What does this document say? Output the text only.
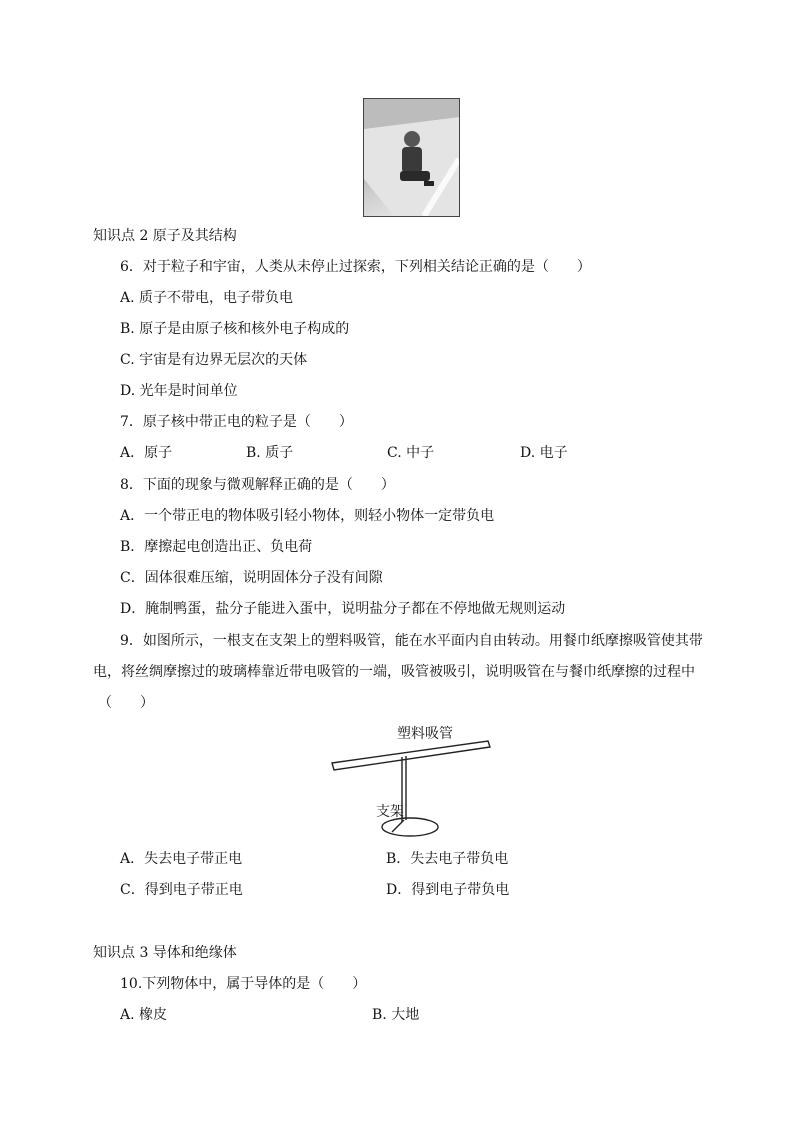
知识点 2 原子及其结构
6．对于粒子和宇宙，人类从未停止过探索，下列相关结论正确的是（　　）
A. 质子不带电，电子带负电
B. 原子是由原子核和核外电子构成的
C. 宇宙是有边界无层次的天体
D. 光年是时间单位
7．原子核中带正电的粒子是（　　）
A．原子	B. 质子	C. 中子	D. 电子
8．下面的现象与微观解释正确的是（　　）
A．一个带正电的物体吸引轻小物体，则轻小物体一定带负电
B．摩擦起电创造出正、负电荷
C．固体很难压缩，说明固体分子没有间隙
D．腌制鸭蛋，盐分子能进入蛋中，说明盐分子都在不停地做无规则运动
9．如图所示，一根支在支架上的塑料吸管，能在水平面内自由转动。用餐巾纸摩擦吸管使其带
电，将丝绸摩擦过的玻璃棒靠近带电吸管的一端，吸管被吸引，说明吸管在与餐巾纸摩擦的过程中
（　　）
塑料吸管
支架
A．失去电子带正电	B．失去电子带负电
C．得到电子带正电	D．得到电子带负电
知识点 3 导体和绝缘体
10.下列物体中，属于导体的是（　　）
A. 橡皮	B. 大地
